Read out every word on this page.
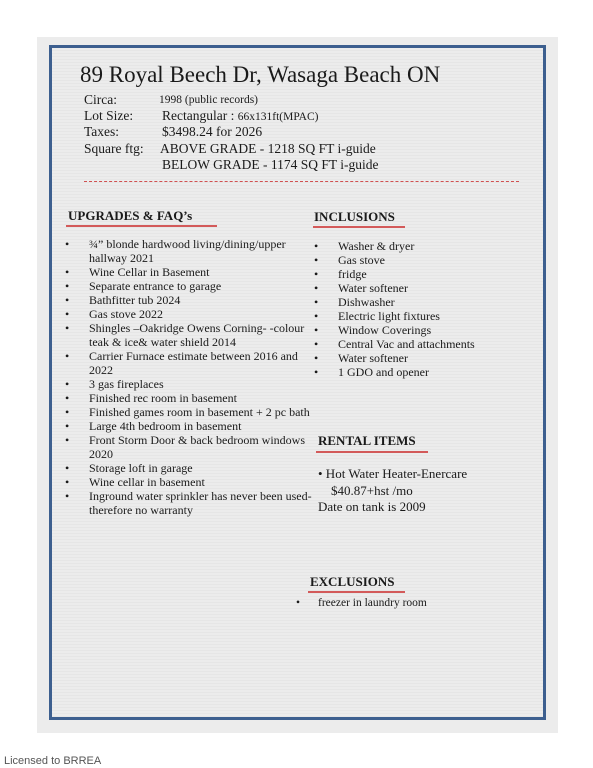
89 Royal Beech Dr, Wasaga Beach ON
Circa:	1998 (public records)
Lot Size: Rectangular : 66x131ft(MPAC)
Taxes:	$3498.24 for 2026
Square ftg: ABOVE GRADE - 1218 SQ FT i-guide
BELOW GRADE - 1174 SQ FT i-guide
UPGRADES & FAQ’s
• ¾” blonde hardwood living/dining/upper hallway 2021
• Wine Cellar in Basement
• Separate entrance to garage
• Bathfitter tub 2024
• Gas stove 2022
• Shingles –Oakridge Owens Corning- -colour teak & ice& water shield 2014
• Carrier Furnace estimate between 2016 and 2022
• 3 gas fireplaces
• Finished rec room in basement
• Finished games room in basement + 2 pc bath
• Large 4th bedroom in basement
• Front Storm Door & back bedroom windows 2020
• Storage loft in garage
• Wine cellar in basement
• Inground water sprinkler has never been used-therefore no warranty
INCLUSIONS
• Washer & dryer
• Gas stove
• fridge
• Water softener
• Dishwasher
• Electric light fixtures
• Window Coverings
• Central Vac and attachments
• Water softener
• 1 GDO and opener
RENTAL ITEMS
• Hot Water Heater-Enercare
$40.87+hst /mo
Date on tank is 2009
EXCLUSIONS
• freezer in laundry room
Licensed to BRREA
